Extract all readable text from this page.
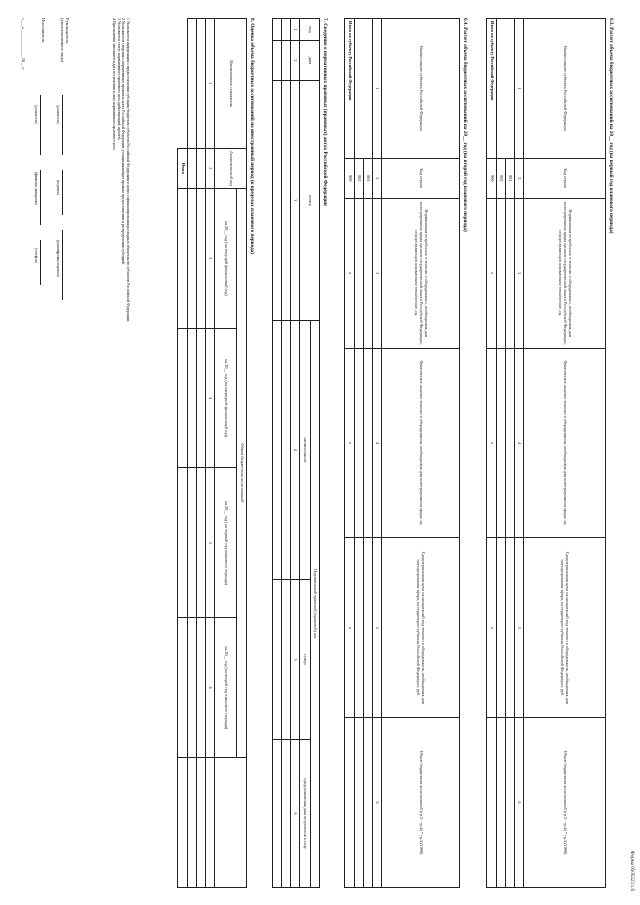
Форма 0505223 с.6
6.3. Расчет объема бюджетных ассигнований на 20__ год (на первый год планового периода)
Наименование субъекта Российской Федерации	Код строки	Нормативная потребность в технике и оборудовании, необходимых для интегрирования эфира органов государственной власти Российской Федерации, осуществляющих нормативное техническое, ед.	Фактическое наличие техники и оборудования, необходимых для интегрирования эфира, ед.	Среднерыночная цена на конкретный вид техники и оборудования, необходимых для интегрирования эфира, на территории субъекта Российской Федерации, руб.	Объем бюджетных ассигнований (гр.3 - гр.4) * гр.5)/1000)
1	2	3	4	5	6
	001				
	002				
Итого по субъекту Российской Федерации	900	x	x	x	
6.4. Расчет объема бюджетных ассигнований на 20__ год (на второй год планового периода)
Наименование субъекта Российской Федерации	Код строки	Нормативная потребность в технике и оборудовании, необходимых для интегрирования эфира органов государственной власти Российской Федерации, осуществляющих нормативное техническое, ед.	Фактическое наличие техники и оборудования, необходимых для интегрирования эфира, ед.	Среднерыночная цена на конкретный вид техники и оборудования, необходимых для интегрирования эфира, на территории субъекта Российской Федерации, руб.	Объем бюджетных ассигнований (гр.3 - гр.4) * гр.5)/1000)
1	2	3	4	5	6
	001				
	002				
Итого по субъекту Российской Федерации	900	x	x	x	
7. Сведения о нормативных правовых (правовых) актах Российской Федерации
вид	дата	номер	Нормативный правовой (правовой) акт		
			наименование	статус	предполагаемая дата вступления в силу
1	2	3	4	5	6

8. Оценка объема бюджетных ассигнований на иностранный период (в пределах планового периода)
Наименование показателя	Аналитический код	Объем бюджетных ассигнований				
		на 20__ год (на текущий финансовый год)	на 20__ год (на очередной финансовый год)	на 20__ год (на первый год планового периода)	на 20__ год (на второй год планового периода)	
1	2	3	4	5	6	

	Итого					
1 Указывается информация о предоставлении субсидии бюджетам субъектов Российской Федерации в целях софинансирования расходных обязательств субъектов Российской Федерации.
2 Указываются сведения о нормативных правовых актах Российской Федерации, устанавливающих правила предоставления и распределения субсидий.
3 Указывается статус нормативного правового акта (действующий, проект).
4 При наличии заполняется дата вступления в силу нормативного правового акта.
Руководитель
(уполномоченное лицо)
(должность)
(подпись)
(расшифровка подписи)
Исполнитель
(должность)
(фамилия, инициалы)
(телефон)
«___» ____________ 20__ г.
